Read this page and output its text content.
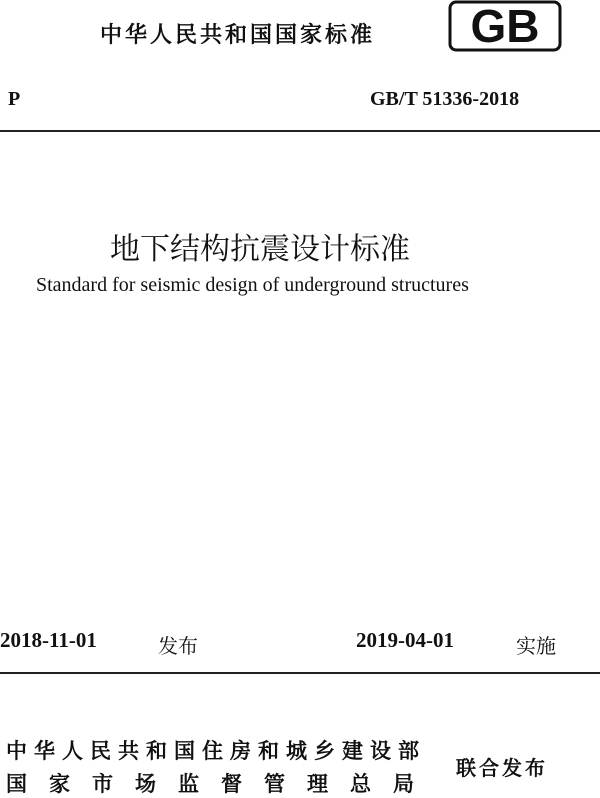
中华人民共和国国家标准 GB
P	GB/T 51336-2018
地下结构抗震设计标准
Standard for seismic design of underground structures
2018-11-01	发布	2019-04-01	实施
中华人民共和国住房和城乡建设部
国家市场监督管理总局
联合发布
